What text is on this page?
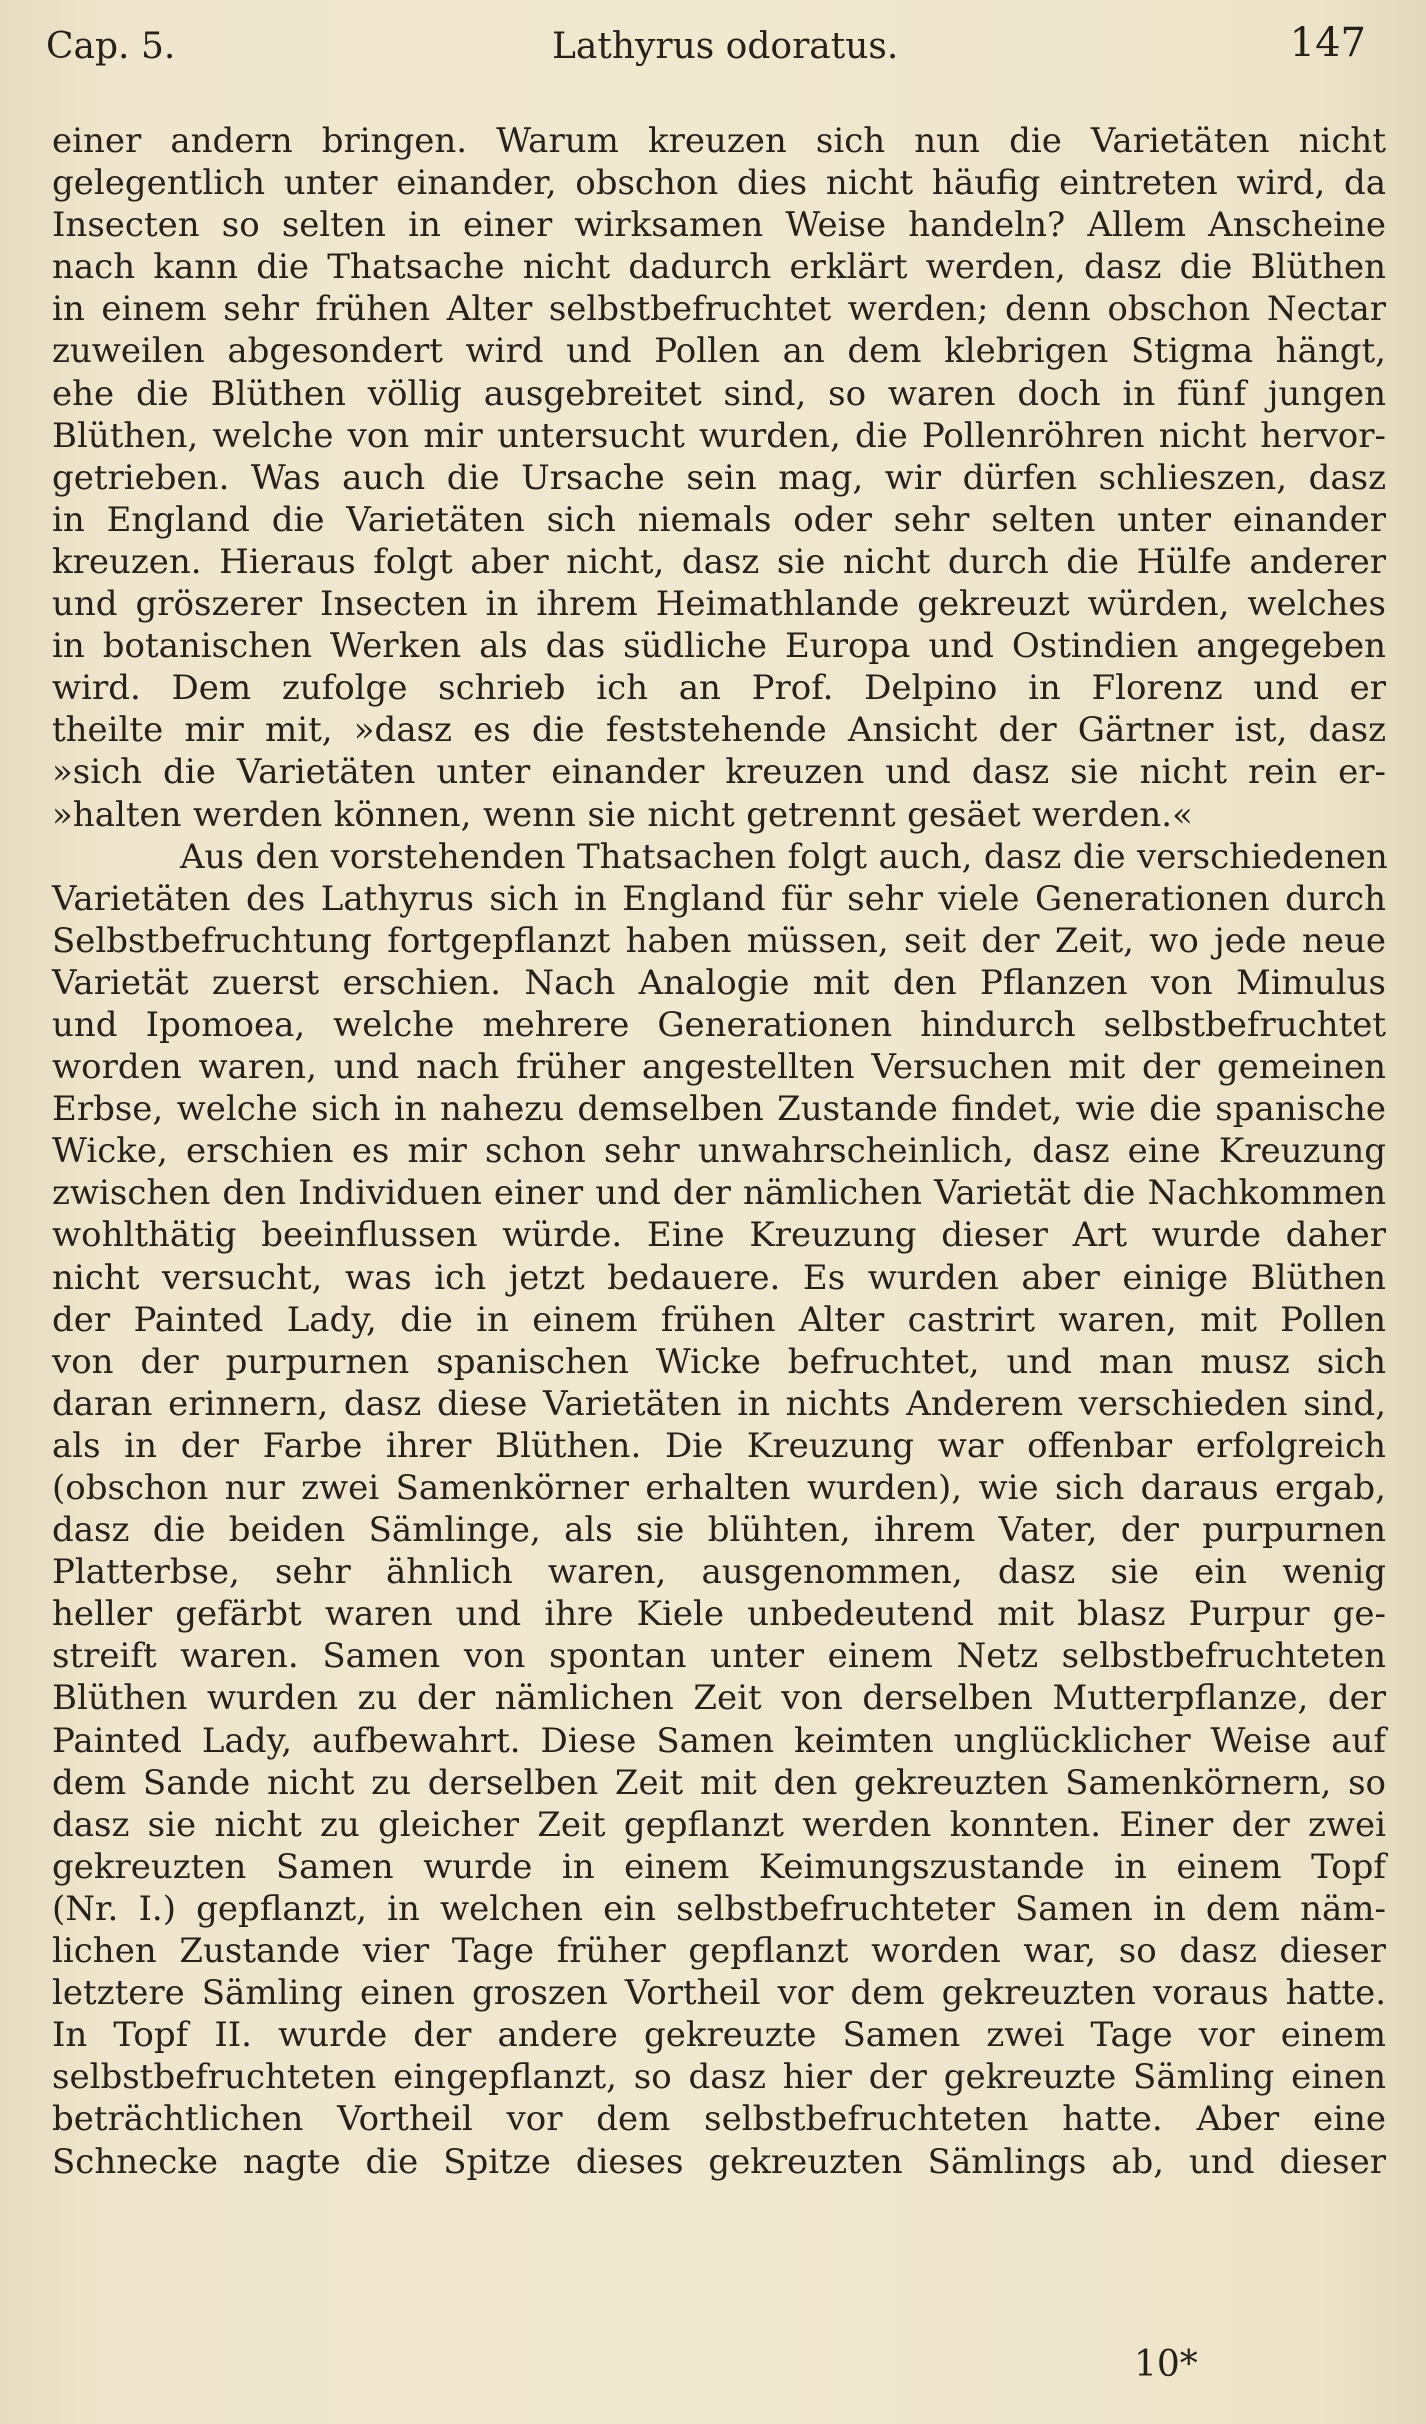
Cap. 5.	Lathyrus odoratus.	147
einer andern bringen. Warum kreuzen sich nun die Varietäten nicht
gelegentlich unter einander, obschon dies nicht häufig eintreten wird, da
Insecten so selten in einer wirksamen Weise handeln? Allem Anscheine
nach kann die Thatsache nicht dadurch erklärt werden, dasz die Blüthen
in einem sehr frühen Alter selbstbefruchtet werden; denn obschon Nectar
zuweilen abgesondert wird und Pollen an dem klebrigen Stigma hängt,
ehe die Blüthen völlig ausgebreitet sind, so waren doch in fünf jungen
Blüthen, welche von mir untersucht wurden, die Pollenröhren nicht hervor-
getrieben. Was auch die Ursache sein mag, wir dürfen schlieszen, dasz
in England die Varietäten sich niemals oder sehr selten unter einander
kreuzen. Hieraus folgt aber nicht, dasz sie nicht durch die Hülfe anderer
und gröszerer Insecten in ihrem Heimathlande gekreuzt würden, welches
in botanischen Werken als das südliche Europa und Ostindien angegeben
wird. Dem zufolge schrieb ich an Prof. Delpino in Florenz und er
theilte mir mit, »dasz es die feststehende Ansicht der Gärtner ist, dasz
»sich die Varietäten unter einander kreuzen und dasz sie nicht rein er-
»halten werden können, wenn sie nicht getrennt gesäet werden.«
Aus den vorstehenden Thatsachen folgt auch, dasz die verschiedenen
Varietäten des Lathyrus sich in England für sehr viele Generationen durch
Selbstbefruchtung fortgepflanzt haben müssen, seit der Zeit, wo jede neue
Varietät zuerst erschien. Nach Analogie mit den Pflanzen von Mimulus
und Ipomoea, welche mehrere Generationen hindurch selbstbefruchtet
worden waren, und nach früher angestellten Versuchen mit der gemeinen
Erbse, welche sich in nahezu demselben Zustande findet, wie die spanische
Wicke, erschien es mir schon sehr unwahrscheinlich, dasz eine Kreuzung
zwischen den Individuen einer und der nämlichen Varietät die Nachkommen
wohlthätig beeinflussen würde. Eine Kreuzung dieser Art wurde daher
nicht versucht, was ich jetzt bedauere. Es wurden aber einige Blüthen
der Painted Lady, die in einem frühen Alter castrirt waren, mit Pollen
von der purpurnen spanischen Wicke befruchtet, und man musz sich
daran erinnern, dasz diese Varietäten in nichts Anderem verschieden sind,
als in der Farbe ihrer Blüthen. Die Kreuzung war offenbar erfolgreich
(obschon nur zwei Samenkörner erhalten wurden), wie sich daraus ergab,
dasz die beiden Sämlinge, als sie blühten, ihrem Vater, der purpurnen
Platterbse, sehr ähnlich waren, ausgenommen, dasz sie ein wenig
heller gefärbt waren und ihre Kiele unbedeutend mit blasz Purpur ge-
streift waren. Samen von spontan unter einem Netz selbstbefruchteten
Blüthen wurden zu der nämlichen Zeit von derselben Mutterpflanze, der
Painted Lady, aufbewahrt. Diese Samen keimten unglücklicher Weise auf
dem Sande nicht zu derselben Zeit mit den gekreuzten Samenkörnern, so
dasz sie nicht zu gleicher Zeit gepflanzt werden konnten. Einer der zwei
gekreuzten Samen wurde in einem Keimungszustande in einem Topf
(Nr. I.) gepflanzt, in welchen ein selbstbefruchteter Samen in dem näm-
lichen Zustande vier Tage früher gepflanzt worden war, so dasz dieser
letztere Sämling einen groszen Vortheil vor dem gekreuzten voraus hatte.
In Topf II. wurde der andere gekreuzte Samen zwei Tage vor einem
selbstbefruchteten eingepflanzt, so dasz hier der gekreuzte Sämling einen
beträchtlichen Vortheil vor dem selbstbefruchteten hatte. Aber eine
Schnecke nagte die Spitze dieses gekreuzten Sämlings ab, und dieser
10*
